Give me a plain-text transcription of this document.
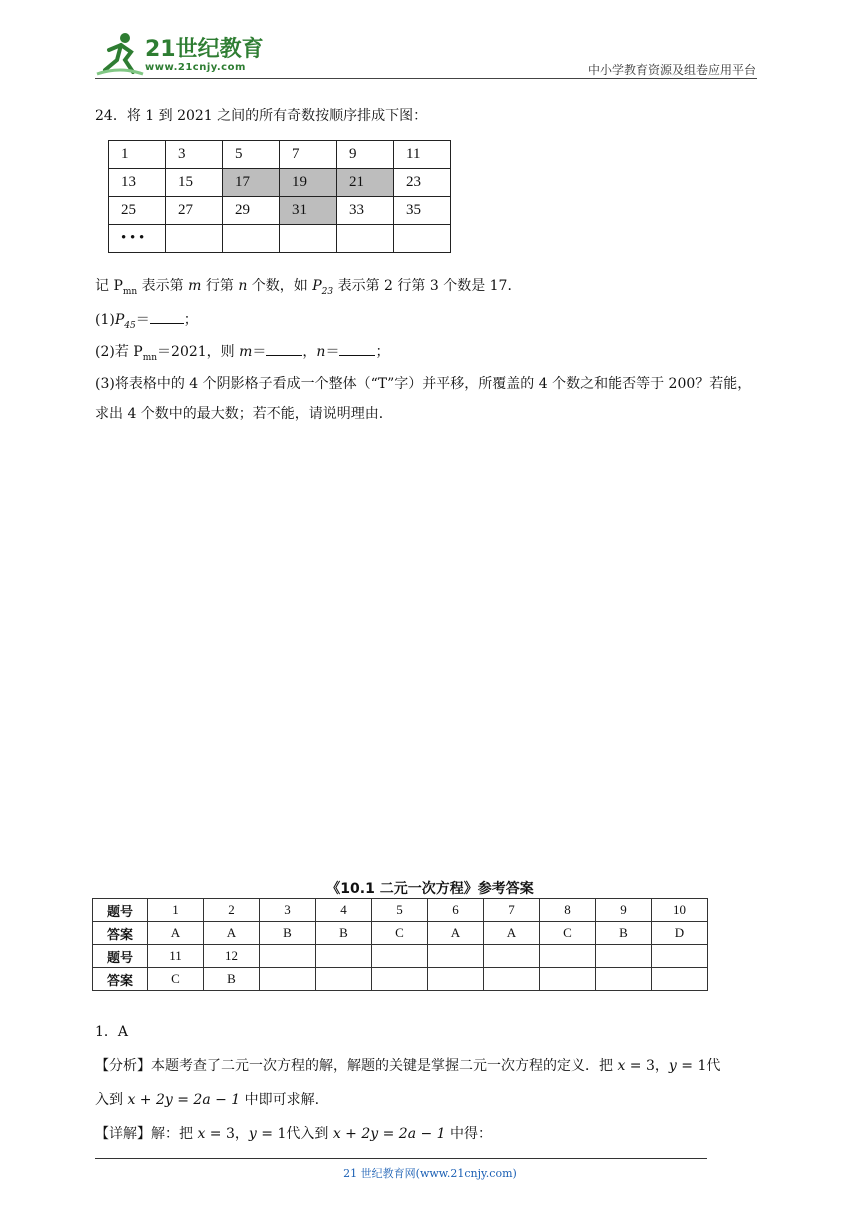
21世纪教育
www.21cnjy.com	中小学教育资源及组卷应用平台
24．将 1 到 2021 之间的所有奇数按顺序排成下图：
1	3	5	7	9	11
13	15	17	19	21	23
25	27	29	31	33	35
• • •					
记 $P_{mn}$ 表示第 m 行第 n 个数，如 $P_{23}$ 表示第 2 行第 3 个数是 17．
$(1)P_{45}=$ ；
(2)若 $P_{mn}=2021$，则 m＝	，n＝	；
(3)将表格中的 4 个阴影格子看成一个整体（“T”字）并平移，所覆盖的 4 个数之和能否等于 200？若能，求出 4 个数中的最大数；若不能，请说明理由．
《10.1 二元一次方程》参考答案
题号	1	2	3	4	5	6	7	8	9	10
答案	A	A	B	B	C	A	A	C	B	D
题号	11	12								
答案	C	B								
1．A
【分析】本题考查了二元一次方程的解，解题的关键是掌握二元一次方程的定义．把 x = 3，y = 1代
入到 x + 2y = 2a − 1 中即可求解.
【详解】解：把 x = 3，y = 1代入到 x + 2y = 2a − 1 中得：
21 世纪教育网(www.21cnjy.com)
